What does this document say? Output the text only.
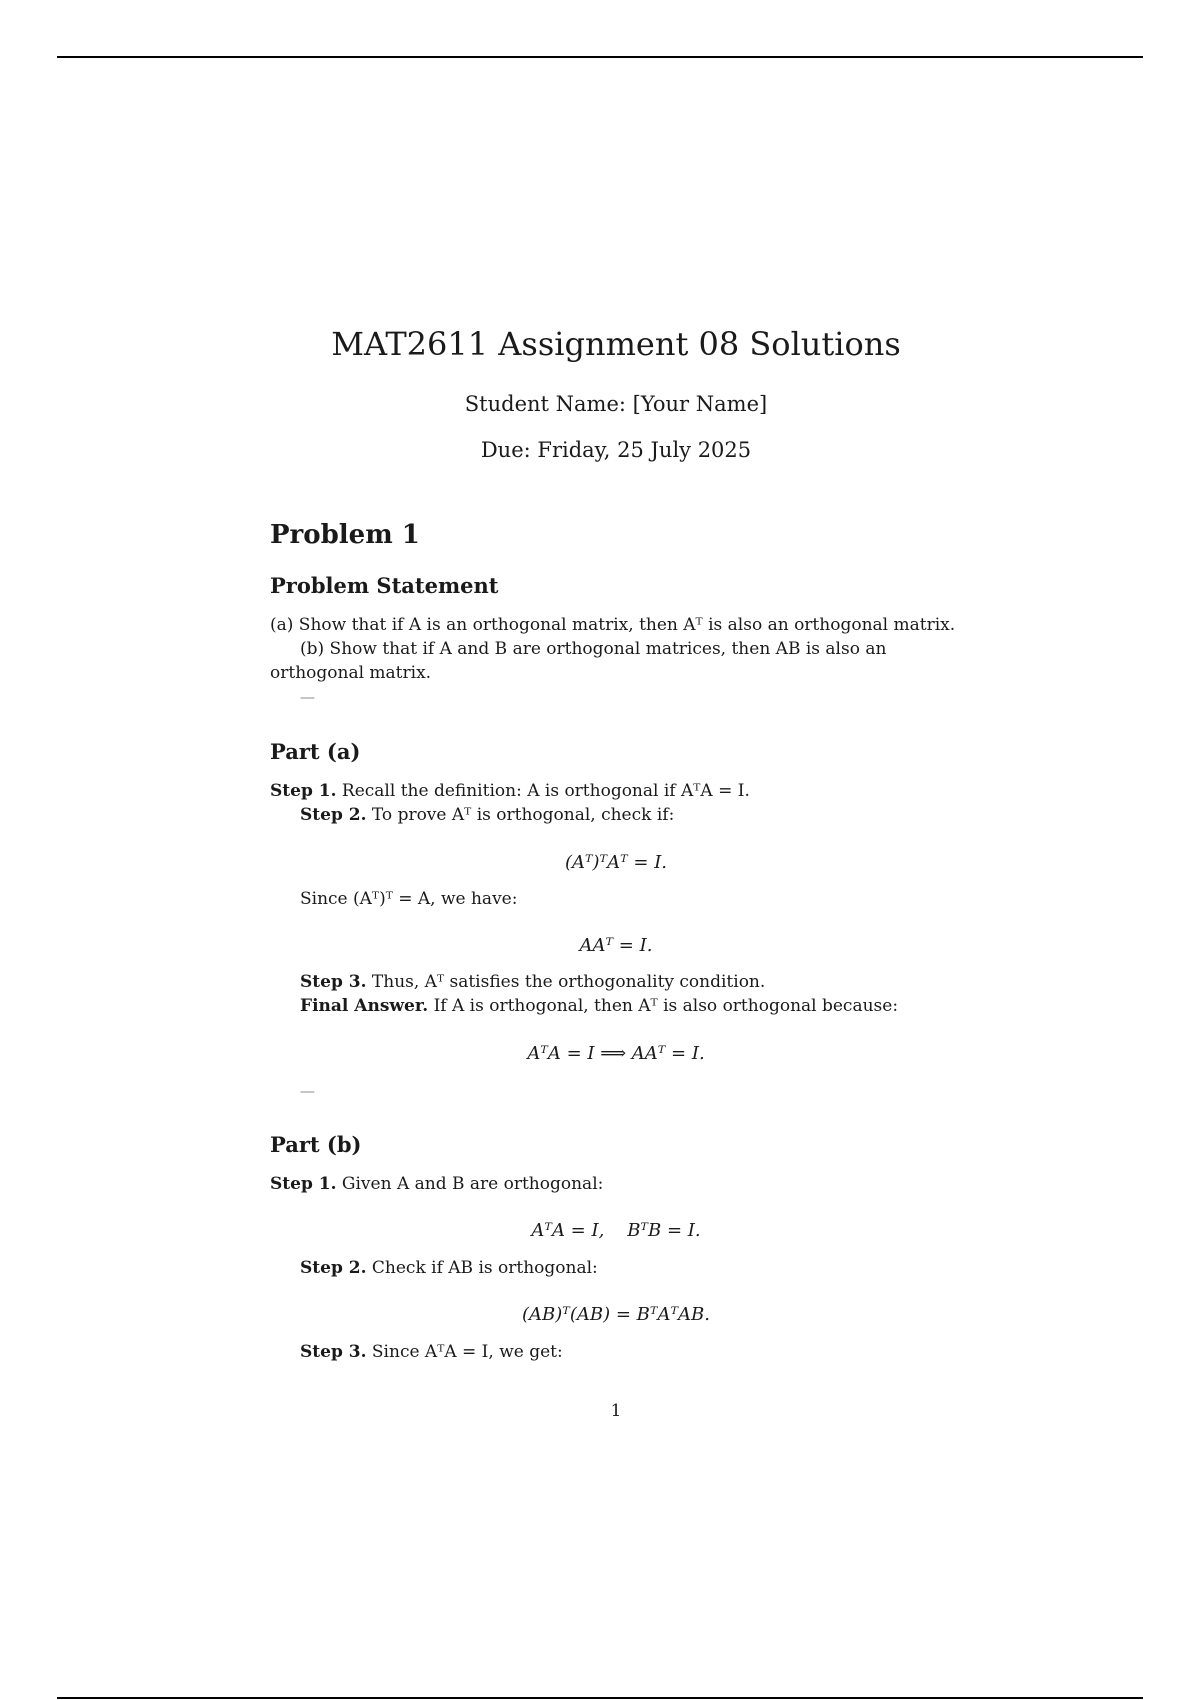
MAT2611 Assignment 08 Solutions
Student Name: [Your Name]
Due: Friday, 25 July 2025
Problem 1
Problem Statement
(a) Show that if A is an orthogonal matrix, then Aᵀ is also an orthogonal matrix.
(b) Show that if A and B are orthogonal matrices, then AB is also an
orthogonal matrix.
—
Part (a)
Step 1. Recall the definition: A is orthogonal if AᵀA = I.
Step 2. To prove Aᵀ is orthogonal, check if:
(Aᵀ)ᵀAᵀ = I.
Since (Aᵀ)ᵀ = A, we have:
AAᵀ = I.
Step 3. Thus, Aᵀ satisfies the orthogonality condition.
Final Answer. If A is orthogonal, then Aᵀ is also orthogonal because:
AᵀA = I ⟹ AAᵀ = I.
—
Part (b)
Step 1. Given A and B are orthogonal:
AᵀA = I,    BᵀB = I.
Step 2. Check if AB is orthogonal:
(AB)ᵀ(AB) = BᵀAᵀAB.
Step 3. Since AᵀA = I, we get:
1
